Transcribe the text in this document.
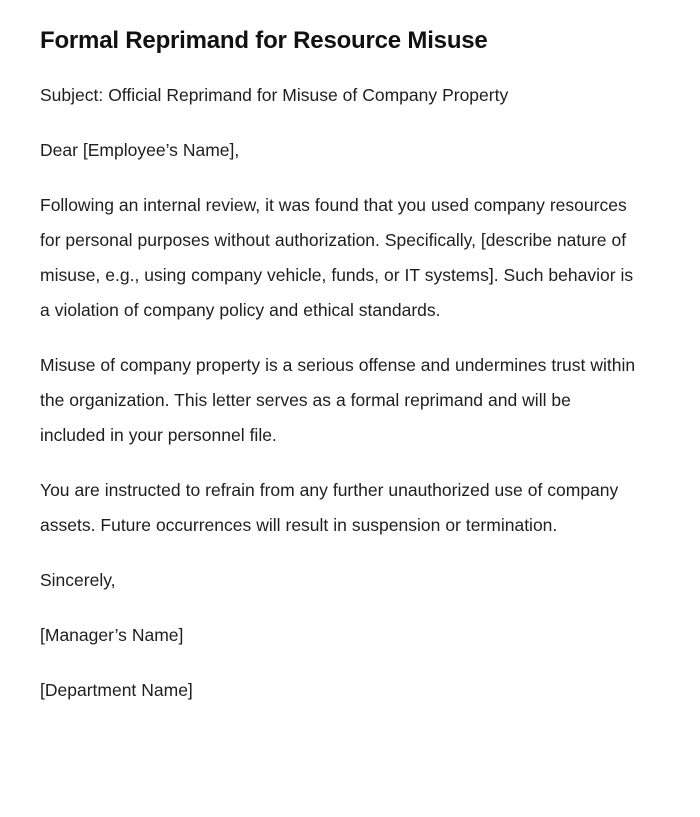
Formal Reprimand for Resource Misuse

Subject: Official Reprimand for Misuse of Company Property

Dear [Employee’s Name],

Following an internal review, it was found that you used company resources for personal purposes without authorization. Specifically, [describe nature of misuse, e.g., using company vehicle, funds, or IT systems]. Such behavior is a violation of company policy and ethical standards.

Misuse of company property is a serious offense and undermines trust within the organization. This letter serves as a formal reprimand and will be included in your personnel file.

You are instructed to refrain from any further unauthorized use of company assets. Future occurrences will result in suspension or termination.

Sincerely,

[Manager’s Name]

[Department Name]
